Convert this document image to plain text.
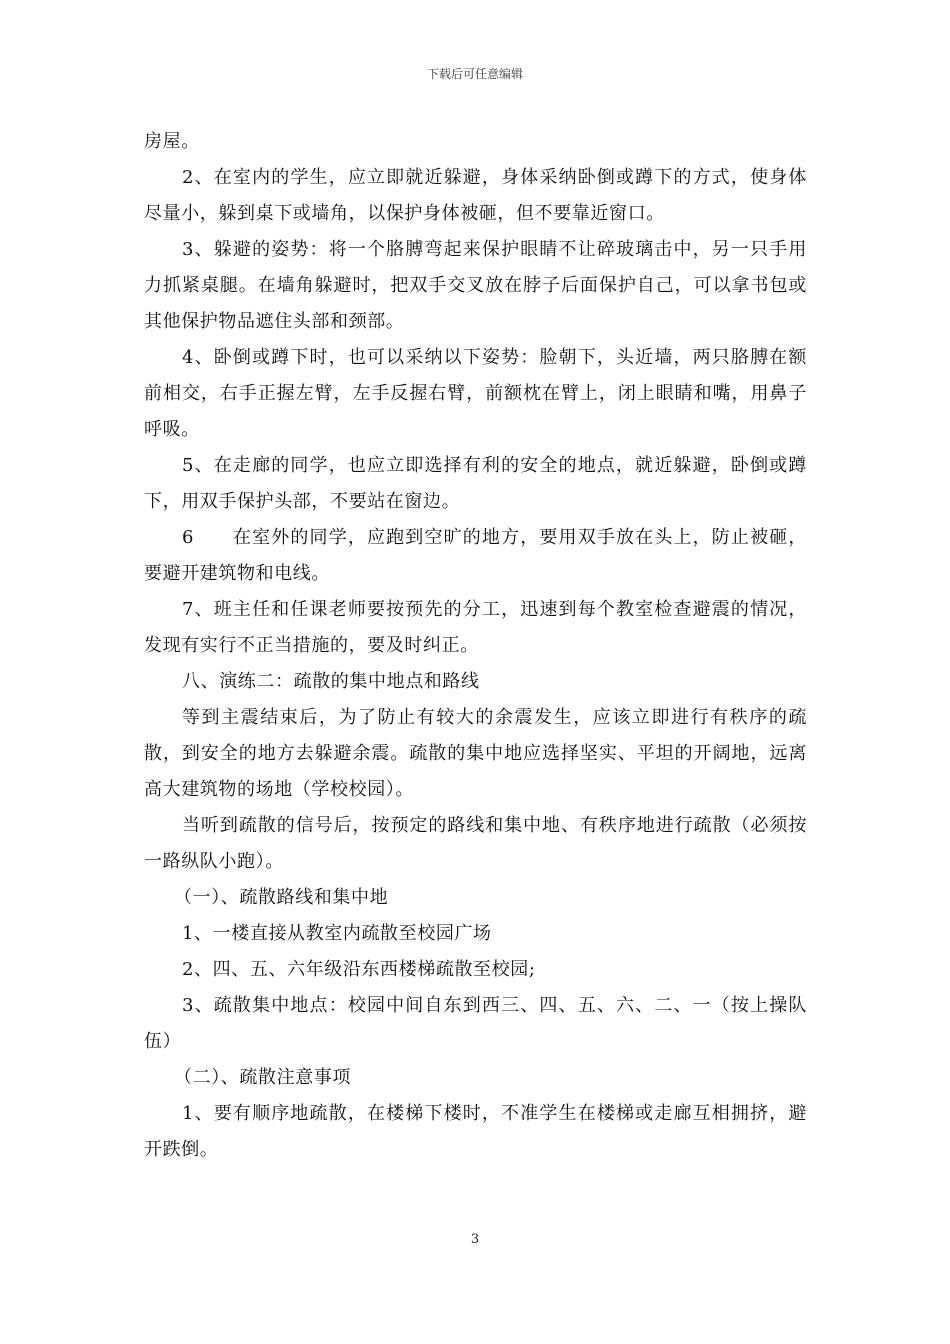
下载后可任意编辑

房屋。

2、在室内的学生，应立即就近躲避，身体采纳卧倒或蹲下的方式，使身体尽量小，躲到桌下或墙角，以保护身体被砸，但不要靠近窗口。

3、躲避的姿势：将一个胳膊弯起来保护眼睛不让碎玻璃击中，另一只手用力抓紧桌腿。在墙角躲避时，把双手交叉放在脖子后面保护自己，可以拿书包或其他保护物品遮住头部和颈部。

4、卧倒或蹲下时，也可以采纳以下姿势：脸朝下，头近墙，两只胳膊在额前相交，右手正握左臂，左手反握右臂，前额枕在臂上，闭上眼睛和嘴，用鼻子呼吸。

5、在走廊的同学，也应立即选择有利的安全的地点，就近躲避，卧倒或蹲下，用双手保护头部，不要站在窗边。

6　　在室外的同学，应跑到空旷的地方，要用双手放在头上，防止被砸，要避开建筑物和电线。

7、班主任和任课老师要按预先的分工，迅速到每个教室检查避震的情况，发现有实行不正当措施的，要及时纠正。

八、演练二：疏散的集中地点和路线

等到主震结束后，为了防止有较大的余震发生，应该立即进行有秩序的疏散，到安全的地方去躲避余震。疏散的集中地应选择坚实、平坦的开阔地，远离高大建筑物的场地（学校校园）。

当听到疏散的信号后，按预定的路线和集中地、有秩序地进行疏散（必须按一路纵队小跑）。

（一）、疏散路线和集中地

1、一楼直接从教室内疏散至校园广场

2、四、五、六年级沿东西楼梯疏散至校园;

3、疏散集中地点：校园中间自东到西三、四、五、六、二、一（按上操队伍）

（二）、疏散注意事项

1、要有顺序地疏散，在楼梯下楼时，不准学生在楼梯或走廊互相拥挤，避开跌倒。

3
